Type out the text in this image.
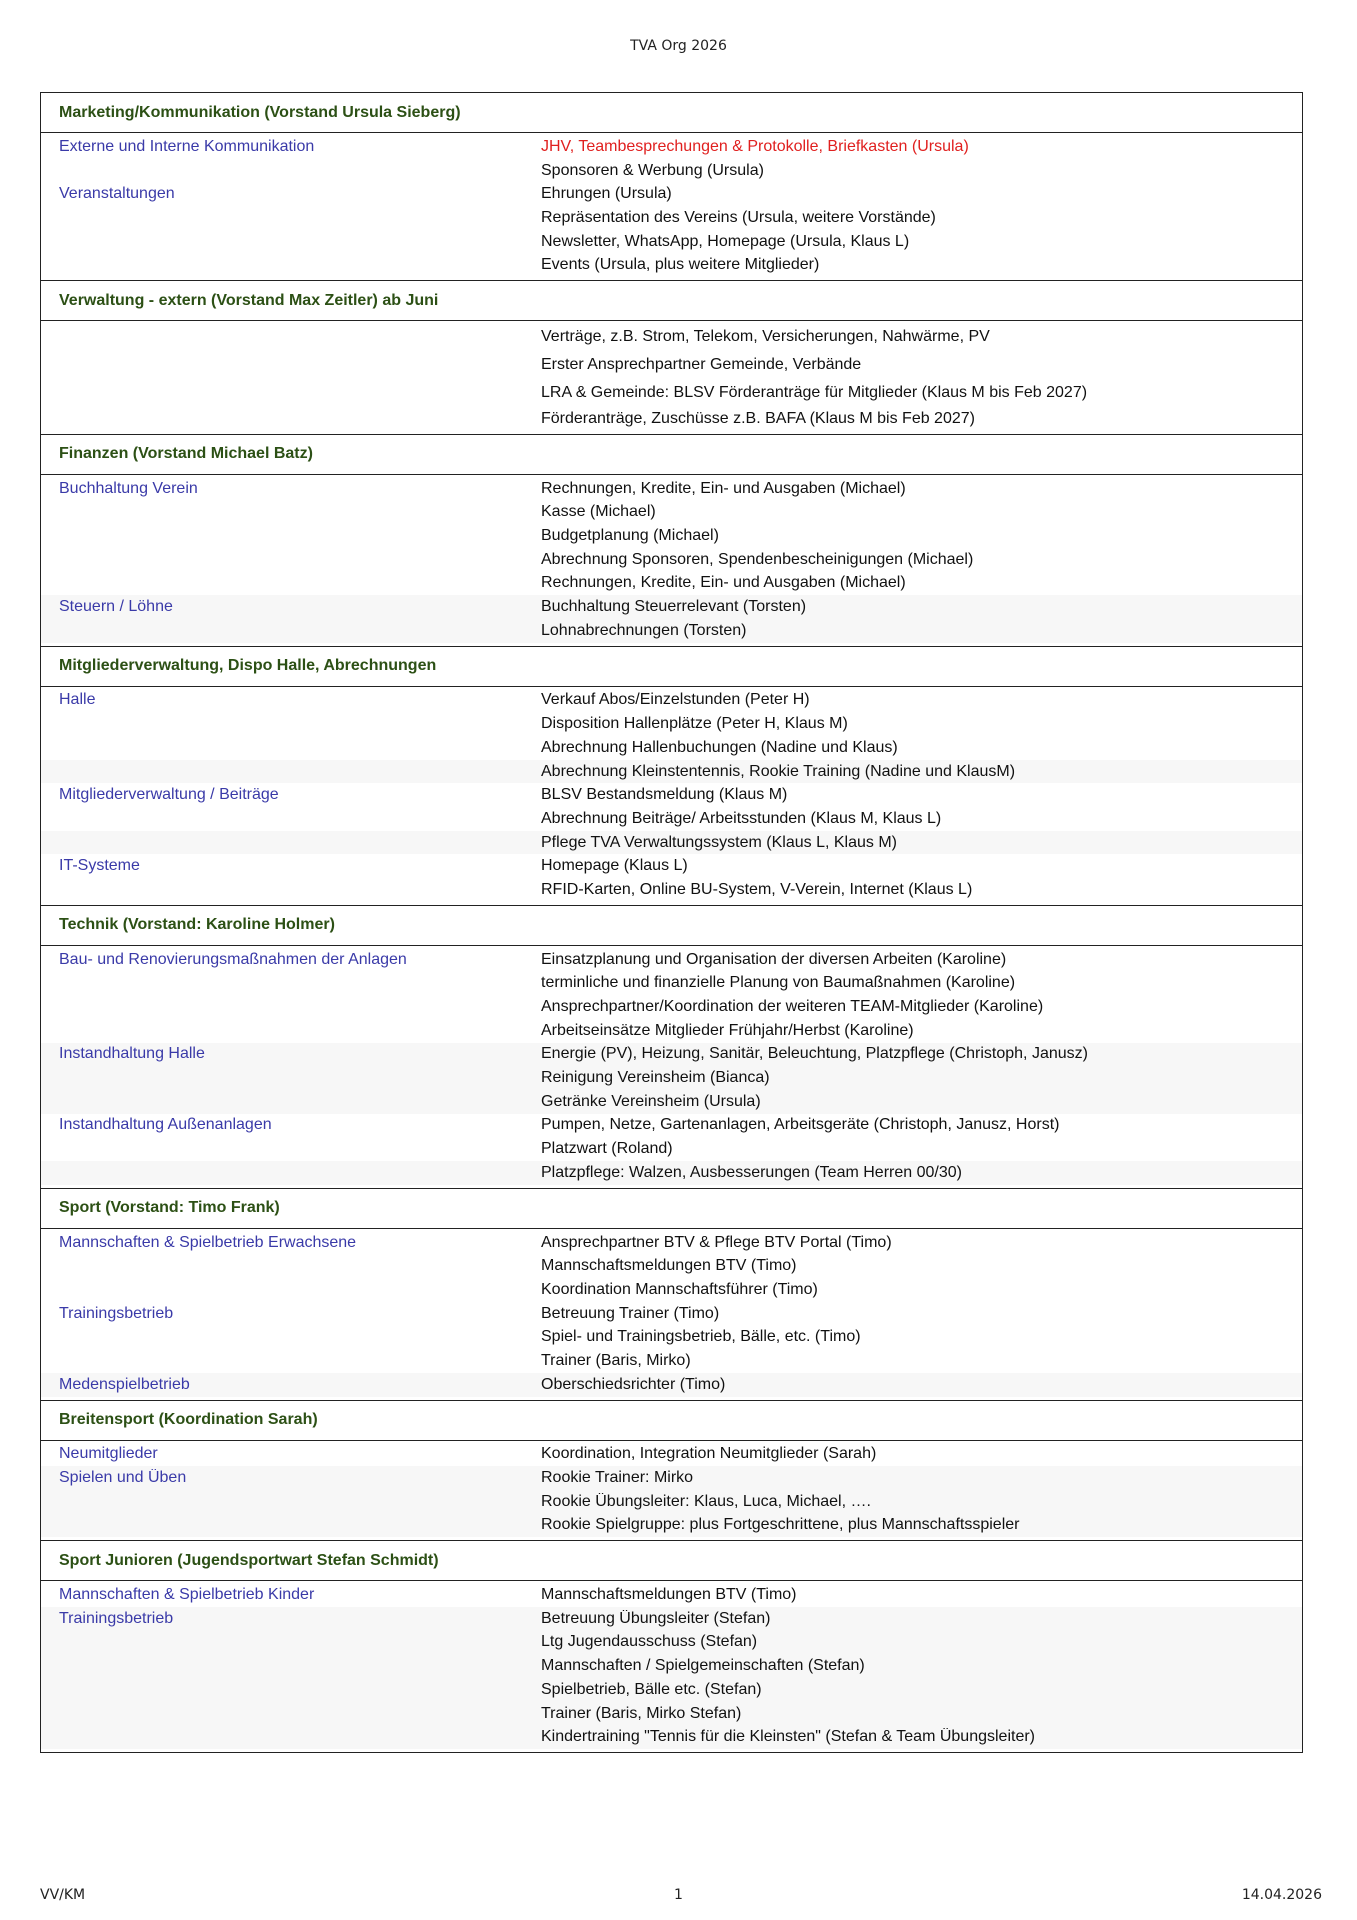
TVA Org 2026
Marketing/Kommunikation (Vorstand Ursula Sieberg)
Externe und Interne Kommunikation	JHV, Teambesprechungen & Protokolle, Briefkasten (Ursula)
Sponsoren & Werbung (Ursula)
Veranstaltungen	Ehrungen (Ursula)
Repräsentation des Vereins (Ursula, weitere Vorstände)
Newsletter, WhatsApp, Homepage (Ursula, Klaus L)
Events (Ursula, plus weitere Mitglieder)
Verwaltung - extern (Vorstand Max Zeitler) ab Juni
Verträge, z.B. Strom, Telekom, Versicherungen, Nahwärme, PV
Erster Ansprechpartner Gemeinde, Verbände
LRA & Gemeinde: BLSV Förderanträge für Mitglieder (Klaus M bis Feb 2027)
Förderanträge, Zuschüsse z.B. BAFA (Klaus M bis Feb 2027)
Finanzen (Vorstand Michael Batz)
Buchhaltung Verein	Rechnungen, Kredite, Ein- und Ausgaben (Michael)
Kasse (Michael)
Budgetplanung (Michael)
Abrechnung Sponsoren, Spendenbescheinigungen (Michael)
Rechnungen, Kredite, Ein- und Ausgaben (Michael)
Steuern / Löhne	Buchhaltung Steuerrelevant (Torsten)
Lohnabrechnungen (Torsten)
Mitgliederverwaltung, Dispo Halle, Abrechnungen
Halle	Verkauf Abos/Einzelstunden (Peter H)
Disposition Hallenplätze (Peter H, Klaus M)
Abrechnung Hallenbuchungen (Nadine und Klaus)
Abrechnung Kleinstentennis, Rookie Training (Nadine und KlausM)
Mitgliederverwaltung / Beiträge	BLSV Bestandsmeldung (Klaus M)
Abrechnung Beiträge/ Arbeitsstunden (Klaus M, Klaus L)
Pflege TVA Verwaltungssystem (Klaus L, Klaus M)
IT-Systeme	Homepage (Klaus L)
RFID-Karten, Online BU-System, V-Verein, Internet (Klaus L)
Technik (Vorstand: Karoline Holmer)
Bau- und Renovierungsmaßnahmen der Anlagen	Einsatzplanung und Organisation der diversen Arbeiten (Karoline)
terminliche und finanzielle Planung von Baumaßnahmen (Karoline)
Ansprechpartner/Koordination der weiteren TEAM-Mitglieder (Karoline)
Arbeitseinsätze Mitglieder Frühjahr/Herbst (Karoline)
Instandhaltung Halle	Energie (PV), Heizung, Sanitär, Beleuchtung, Platzpflege (Christoph, Janusz)
Reinigung Vereinsheim (Bianca)
Getränke Vereinsheim (Ursula)
Instandhaltung Außenanlagen	Pumpen, Netze, Gartenanlagen, Arbeitsgeräte (Christoph, Janusz, Horst)
Platzwart (Roland)
Platzpflege: Walzen, Ausbesserungen (Team Herren 00/30)
Sport (Vorstand: Timo Frank)
Mannschaften & Spielbetrieb Erwachsene	Ansprechpartner BTV & Pflege BTV Portal (Timo)
Mannschaftsmeldungen BTV (Timo)
Koordination Mannschaftsführer (Timo)
Trainingsbetrieb	Betreuung Trainer (Timo)
Spiel- und Trainingsbetrieb, Bälle, etc. (Timo)
Trainer (Baris, Mirko)
Medenspielbetrieb	Oberschiedsrichter (Timo)
Breitensport (Koordination Sarah)
Neumitglieder	Koordination, Integration Neumitglieder (Sarah)
Spielen und Üben	Rookie Trainer: Mirko
Rookie Übungsleiter: Klaus, Luca, Michael, ….
Rookie Spielgruppe: plus Fortgeschrittene, plus Mannschaftsspieler
Sport Junioren (Jugendsportwart Stefan Schmidt)
Mannschaften & Spielbetrieb Kinder	Mannschaftsmeldungen BTV (Timo)
Trainingsbetrieb	Betreuung Übungsleiter (Stefan)
Ltg Jugendausschuss (Stefan)
Mannschaften / Spielgemeinschaften (Stefan)
Spielbetrieb, Bälle etc. (Stefan)
Trainer (Baris, Mirko Stefan)
Kindertraining "Tennis für die Kleinsten" (Stefan & Team Übungsleiter)
VV/KM	1	14.04.2026
